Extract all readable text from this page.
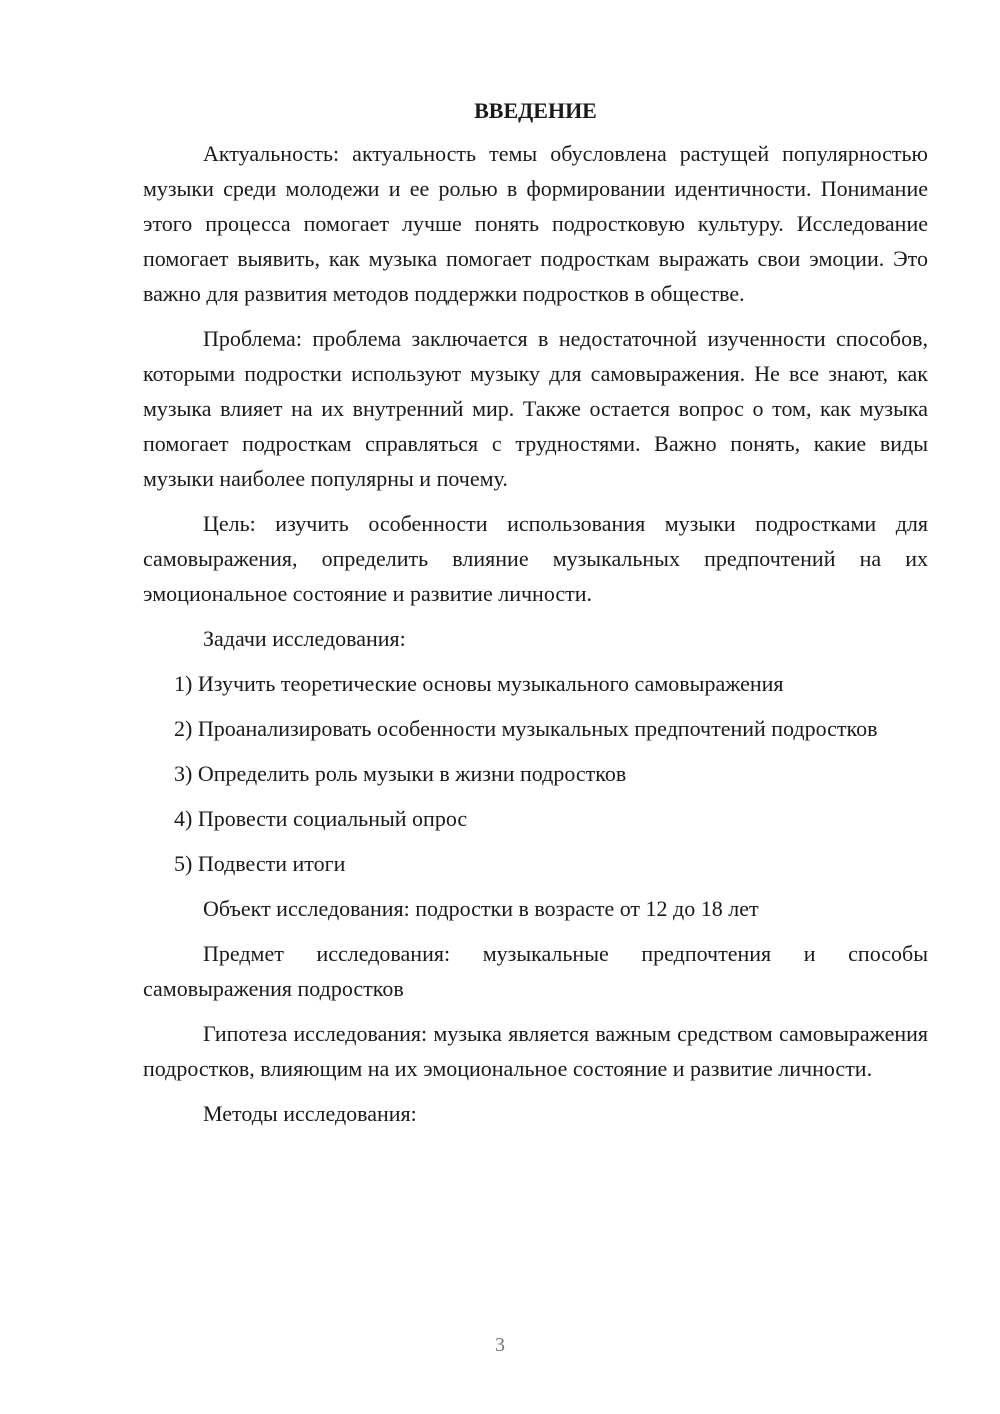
ВВЕДЕНИЕ

Актуальность: актуальность темы обусловлена растущей популярностью музыки среди молодежи и ее ролью в формировании идентичности. Понимание этого процесса помогает лучше понять подростковую культуру. Исследование помогает выявить, как музыка помогает подросткам выражать свои эмоции. Это важно для развития методов поддержки подростков в обществе.

Проблема: проблема заключается в недостаточной изученности способов, которыми подростки используют музыку для самовыражения. Не все знают, как музыка влияет на их внутренний мир. Также остается вопрос о том, как музыка помогает подросткам справляться с трудностями. Важно понять, какие виды музыки наиболее популярны и почему.

Цель: изучить особенности использования музыки подростками для самовыражения, определить влияние музыкальных предпочтений на их эмоциональное состояние и развитие личности.

Задачи исследования:

1) Изучить теоретические основы музыкального самовыражения

2) Проанализировать особенности музыкальных предпочтений подростков

3) Определить роль музыки в жизни подростков

4) Провести социальный опрос

5) Подвести итоги

Объект исследования: подростки в возрасте от 12 до 18 лет

Предмет исследования: музыкальные предпочтения и способы самовыражения подростков

Гипотеза исследования: музыка является важным средством самовыражения подростков, влияющим на их эмоциональное состояние и развитие личности.

Методы исследования:

3
